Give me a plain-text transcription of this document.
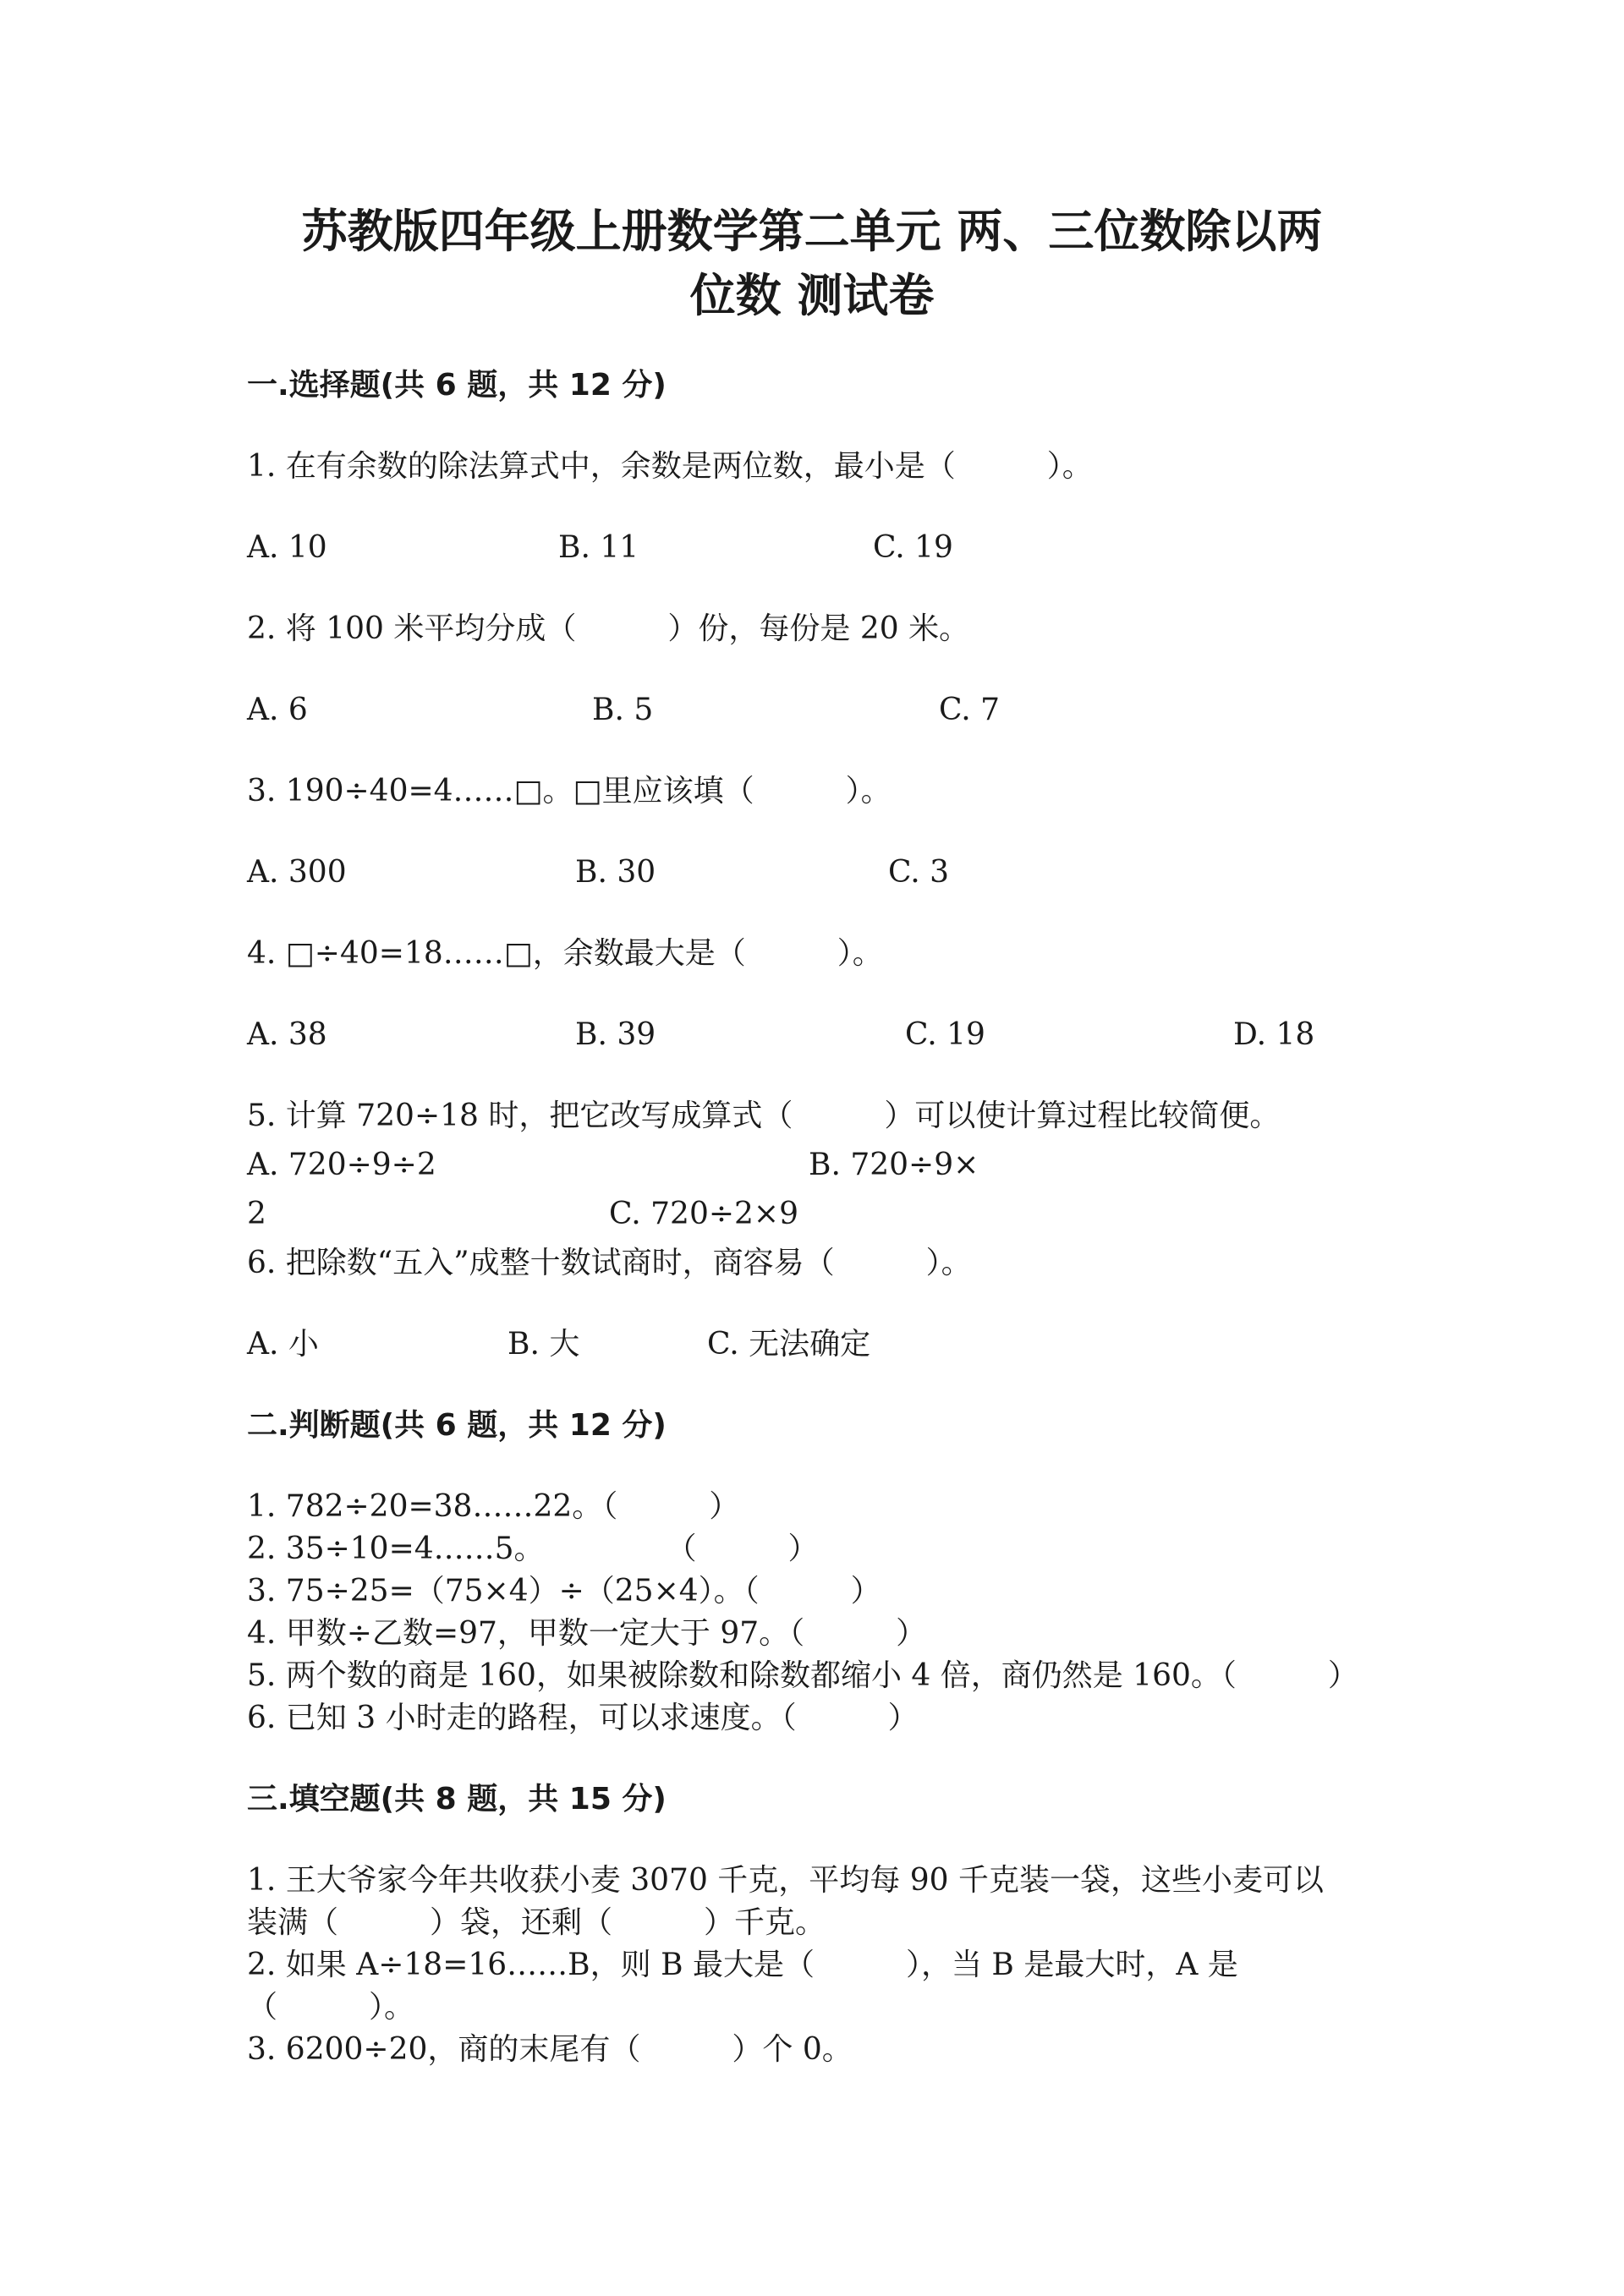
苏教版四年级上册数学第二单元 两、三位数除以两
位数 测试卷
一.选择题(共 6 题，共 12 分)
1. 在有余数的除法算式中，余数是两位数，最小是（　　　）。
A. 10	B. 11	C. 19
2. 将 100 米平均分成（　　　）份，每份是 20 米。
A. 6	B. 5	C. 7
3. 190÷40=4……□。□里应该填（　　　）。
A. 300	B. 30	C. 3
4. □÷40=18……□，余数最大是（　　　）。
A. 38	B. 39	C. 19	D. 18
5. 计算 720÷18 时，把它改写成算式（　　　）可以使计算过程比较简便。
A. 720÷9÷2	B. 720÷9×
2	C. 720÷2×9
6. 把除数“五入”成整十数试商时，商容易（　　　）。
A. 小	B. 大	C. 无法确定
二.判断题(共 6 题，共 12 分)
1. 782÷20=38……22。（　　　）
2. 35÷10=4……5。　　　　　（　　　）
3. 75÷25=（75×4）÷（25×4）。（　　　）
4. 甲数÷乙数=97，甲数一定大于 97。（　　　）
5. 两个数的商是 160，如果被除数和除数都缩小 4 倍，商仍然是 160。（　　　）
6. 已知 3 小时走的路程，可以求速度。（　　　）
三.填空题(共 8 题，共 15 分)
1. 王大爷家今年共收获小麦 3070 千克，平均每 90 千克装一袋，这些小麦可以
装满（　　　）袋，还剩（　　　）千克。
2. 如果 A÷18=16……B，则 B 最大是（　　　），当 B 是最大时，A 是
（　　　）。
3. 6200÷20，商的末尾有（　　　）个 0。
